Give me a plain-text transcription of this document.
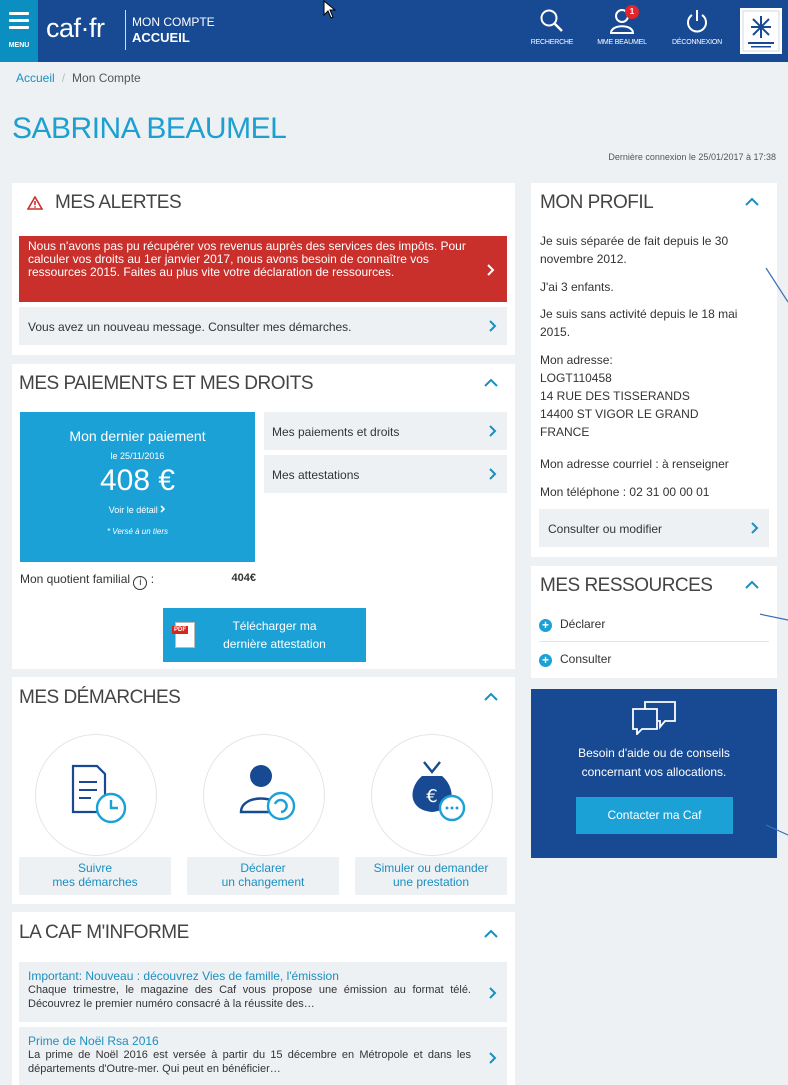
MENU
caf·fr MON COMPTE
ACCUEIL	RECHERCHE
1
MME BEAUMEL	DÉCONNEXION
Accueil / Mon Compte
SABRINA BEAUMEL
Dernière connexion le 25/01/2017 à 17:38
MES ALERTES
Nous n'avons pas pu récupérer vos revenus auprès des services des impôts. Pour calculer vos droits au 1er janvier 2017, nous avons besoin de connaître vos ressources 2015. Faites au plus vite votre déclaration de ressources.
Vous avez un nouveau message. Consulter mes démarches.
MES PAIEMENTS ET MES DROITS
Mon dernier paiement
le 25/11/2016
408 €
Voir le détail
* Versé à un tiers
Mes paiements et droits
Mes attestations
Mon quotient familial i :	404€
PDF	Télécharger ma
dernière attestation
MES DÉMARCHES
€
Suivre
mes démarches
Déclarer
un changement
Simuler ou demander
une prestation
LA CAF M'INFORME
Important: Nouveau : découvrez Vies de famille, l'émission
Chaque trimestre, le magazine des Caf vous propose une émission au format télé. Découvrez le premier numéro consacré à la réussite des…
Prime de Noël Rsa 2016
La prime de Noël 2016 est versée à partir du 15 décembre en Métropole et dans les départements d'Outre-mer. Qui peut en bénéficier…
MON PROFIL
Je suis séparée de fait depuis le 30 novembre 2012.
J'ai 3 enfants.
Je suis sans activité depuis le 18 mai 2015.
Mon adresse:
LOGT110458
14 RUE DES TISSERANDS
14400 ST VIGOR LE GRAND
FRANCE
Mon adresse courriel : à renseigner
Mon téléphone : 02 31 00 00 01
Consulter ou modifier
MES RESSOURCES
+ Déclarer
+ Consulter
Besoin d'aide ou de conseils
concernant vos allocations.
Contacter ma Caf
